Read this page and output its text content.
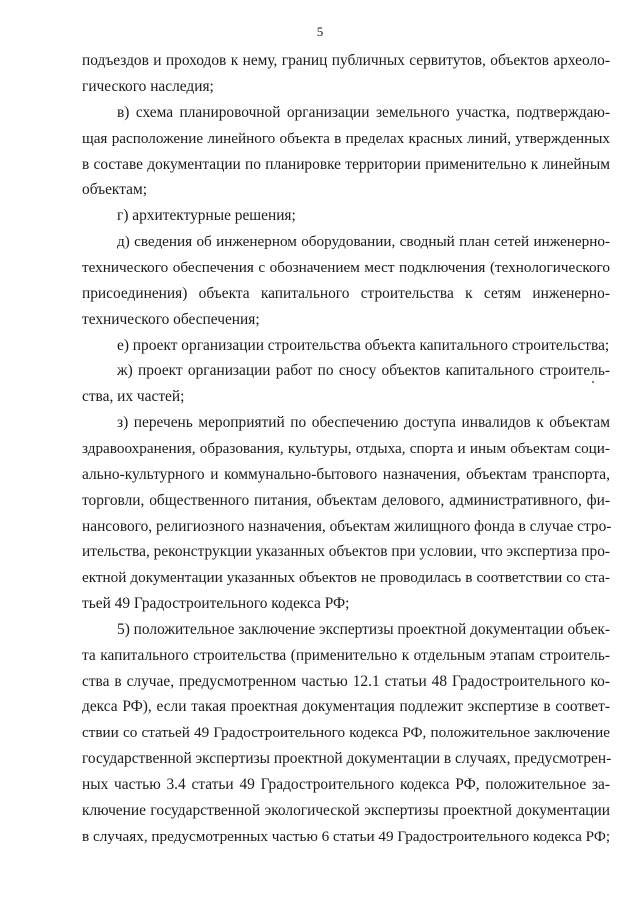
5
подъездов и проходов к нему, границ публичных сервитутов, объектов археоло-
гического наследия;
в) схема планировочной организации земельного участка, подтверждаю-
щая расположение линейного объекта в пределах красных линий, утвержденных
в составе документации по планировке территории применительно к линейным
объектам;
г) архитектурные решения;
д) сведения об инженерном оборудовании, сводный план сетей инженерно-
технического обеспечения с обозначением мест подключения (технологического
присоединения) объекта капитального строительства к сетям инженерно-
технического обеспечения;
е) проект организации строительства объекта капитального строительства;
ж) проект организации работ по сносу объектов капитального строитель-
ства, их частей;
з) перечень мероприятий по обеспечению доступа инвалидов к объектам
здравоохранения, образования, культуры, отдыха, спорта и иным объектам соци-
ально-культурного и коммунально-бытового назначения, объектам транспорта,
торговли, общественного питания, объектам делового, административного, фи-
нансового, религиозного назначения, объектам жилищного фонда в случае стро-
ительства, реконструкции указанных объектов при условии, что экспертиза про-
ектной документации указанных объектов не проводилась в соответствии со ста-
тьей 49 Градостроительного кодекса РФ;
5) положительное заключение экспертизы проектной документации объек-
та капитального строительства (применительно к отдельным этапам строитель-
ства в случае, предусмотренном частью 12.1 статьи 48 Градостроительного ко-
декса РФ), если такая проектная документация подлежит экспертизе в соответ-
ствии со статьей 49 Градостроительного кодекса РФ, положительное заключение
государственной экспертизы проектной документации в случаях, предусмотрен-
ных частью 3.4 статьи 49 Градостроительного кодекса РФ, положительное за-
ключение государственной экологической экспертизы проектной документации
в случаях, предусмотренных частью 6 статьи 49 Градостроительного кодекса РФ;
